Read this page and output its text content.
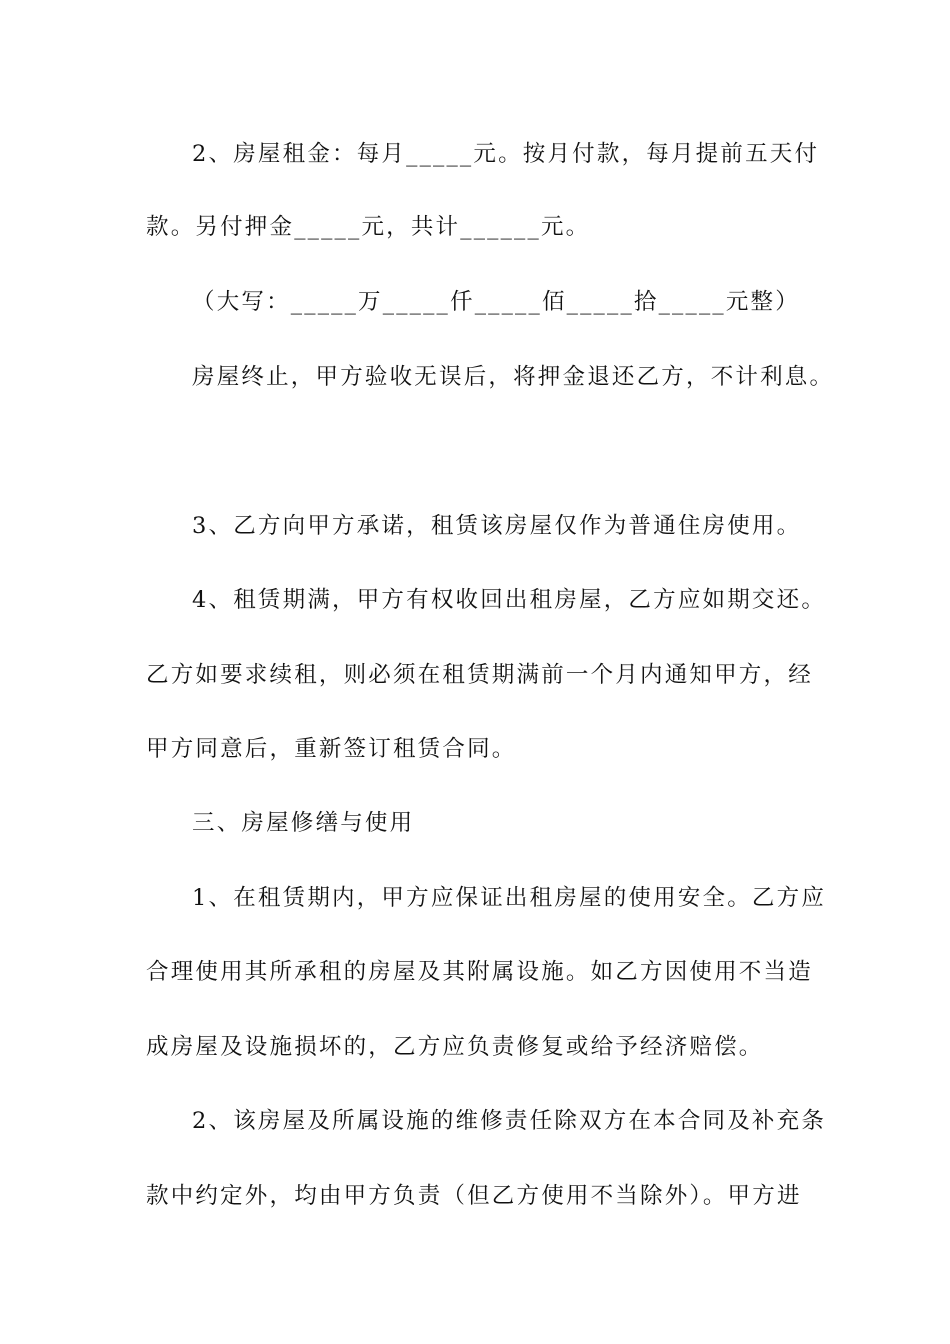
2、房屋租金：每月_____元。按月付款，每月提前五天付

款。另付押金_____元，共计______元。

（大写：_____万_____仟_____佰_____拾_____元整）

房屋终止，甲方验收无误后，将押金退还乙方，不计利息。

3、乙方向甲方承诺，租赁该房屋仅作为普通住房使用。

4、租赁期满，甲方有权收回出租房屋，乙方应如期交还。

乙方如要求续租，则必须在租赁期满前一个月内通知甲方，经

甲方同意后，重新签订租赁合同。

三、房屋修缮与使用

1、在租赁期内，甲方应保证出租房屋的使用安全。乙方应

合理使用其所承租的房屋及其附属设施。如乙方因使用不当造

成房屋及设施损坏的，乙方应负责修复或给予经济赔偿。

2、该房屋及所属设施的维修责任除双方在本合同及补充条

款中约定外，均由甲方负责（但乙方使用不当除外）。甲方进
